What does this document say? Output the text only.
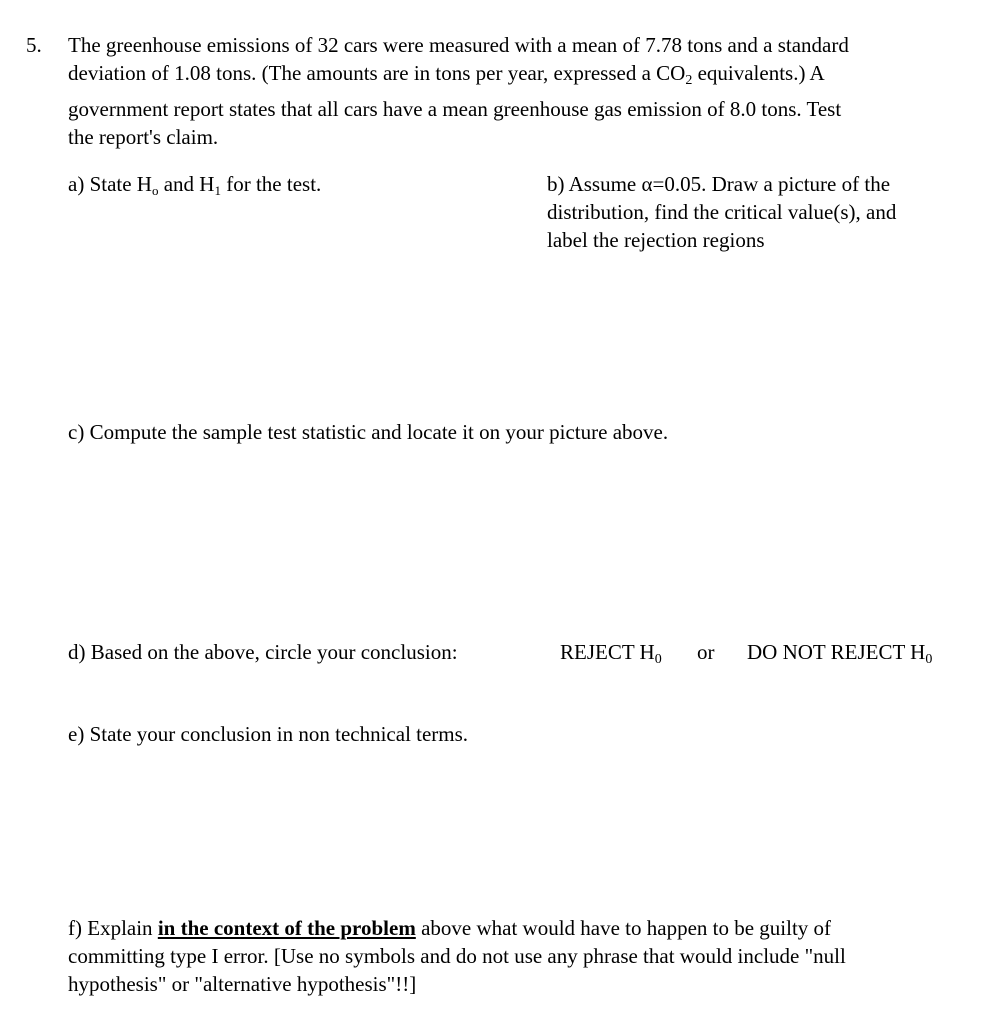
5. The greenhouse emissions of 32 cars were measured with a mean of 7.78 tons and a standard
deviation of 1.08 tons. (The amounts are in tons per year, expressed a $CO_2$ equivalents.) A
government report states that all cars have a mean greenhouse gas emission of 8.0 tons. Test
the report's claim.
a) State Ho and H1 for the test.	b) Assume α=0.05. Draw a picture of the
distribution, find the critical value(s), and
label the rejection regions
c) Compute the sample test statistic and locate it on your picture above.
d) Based on the above, circle your conclusion:	REJECT $H_0$ or DO NOT REJECT $H_0$
e) State your conclusion in non technical terms.
f) Explain in the context of the problem above what would have to happen to be guilty of
committing type I error. [Use no symbols and do not use any phrase that would include "null
hypothesis" or "alternative hypothesis"!!]
